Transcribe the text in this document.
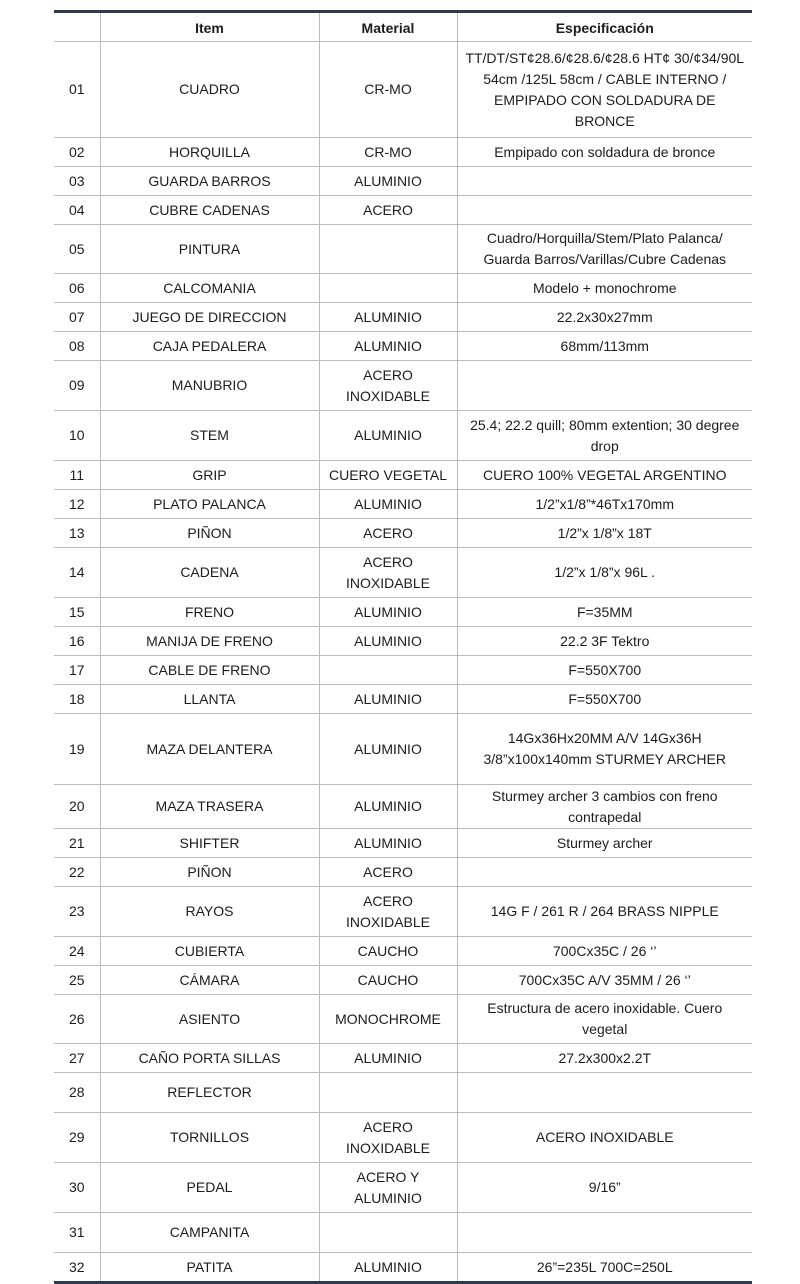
	Item	Material	Especificación
01	CUADRO	CR-MO	TT/DT/ST¢28.6/¢28.6/¢28.6 HT¢ 30/¢34/90L 54cm /125L 58cm / CABLE INTERNO / EMPIPADO CON SOLDADURA DE BRONCE
02	HORQUILLA	CR-MO	Empipado con soldadura de bronce
03	GUARDA BARROS	ALUMINIO	
04	CUBRE CADENAS	ACERO	
05	PINTURA		Cuadro/Horquilla/Stem/Plato Palanca/ Guarda Barros/Varillas/Cubre Cadenas
06	CALCOMANIA		Modelo + monochrome
07	JUEGO DE DIRECCION	ALUMINIO	22.2x30x27mm
08	CAJA PEDALERA	ALUMINIO	68mm/113mm
09	MANUBRIO	ACERO INOXIDABLE	
10	STEM	ALUMINIO	25.4; 22.2 quill; 80mm extention; 30 degree drop
11	GRIP	CUERO VEGETAL	CUERO 100% VEGETAL ARGENTINO
12	PLATO PALANCA	ALUMINIO	1/2”x1/8”*46Tx170mm
13	PIÑON	ACERO	1/2”x 1/8”x 18T
14	CADENA	ACERO INOXIDABLE	1/2”x 1/8”x 96L .
15	FRENO	ALUMINIO	F=35MM
16	MANIJA DE FRENO	ALUMINIO	22.2 3F Tektro
17	CABLE DE FRENO		F=550X700
18	LLANTA	ALUMINIO	F=550X700
19	MAZA DELANTERA	ALUMINIO	14Gx36Hx20MM A/V 14Gx36H 3/8”x100x140mm STURMEY ARCHER
20	MAZA TRASERA	ALUMINIO	Sturmey archer 3 cambios con freno contrapedal
21	SHIFTER	ALUMINIO	Sturmey archer
22	PIÑON	ACERO	
23	RAYOS	ACERO INOXIDABLE	14G F / 261 R / 264 BRASS NIPPLE
24	CUBIERTA	CAUCHO	700Cx35C / 26 ‘’
25	CÁMARA	CAUCHO	700Cx35C A/V 35MM / 26 ‘’
26	ASIENTO	MONOCHROME	Estructura de acero inoxidable. Cuero vegetal
27	CAÑO PORTA SILLAS	ALUMINIO	27.2x300x2.2T
28	REFLECTOR		
29	TORNILLOS	ACERO INOXIDABLE	ACERO INOXIDABLE
30	PEDAL	ACERO Y ALUMINIO	9/16”
31	CAMPANITA		
32	PATITA	ALUMINIO	26”=235L 700C=250L
